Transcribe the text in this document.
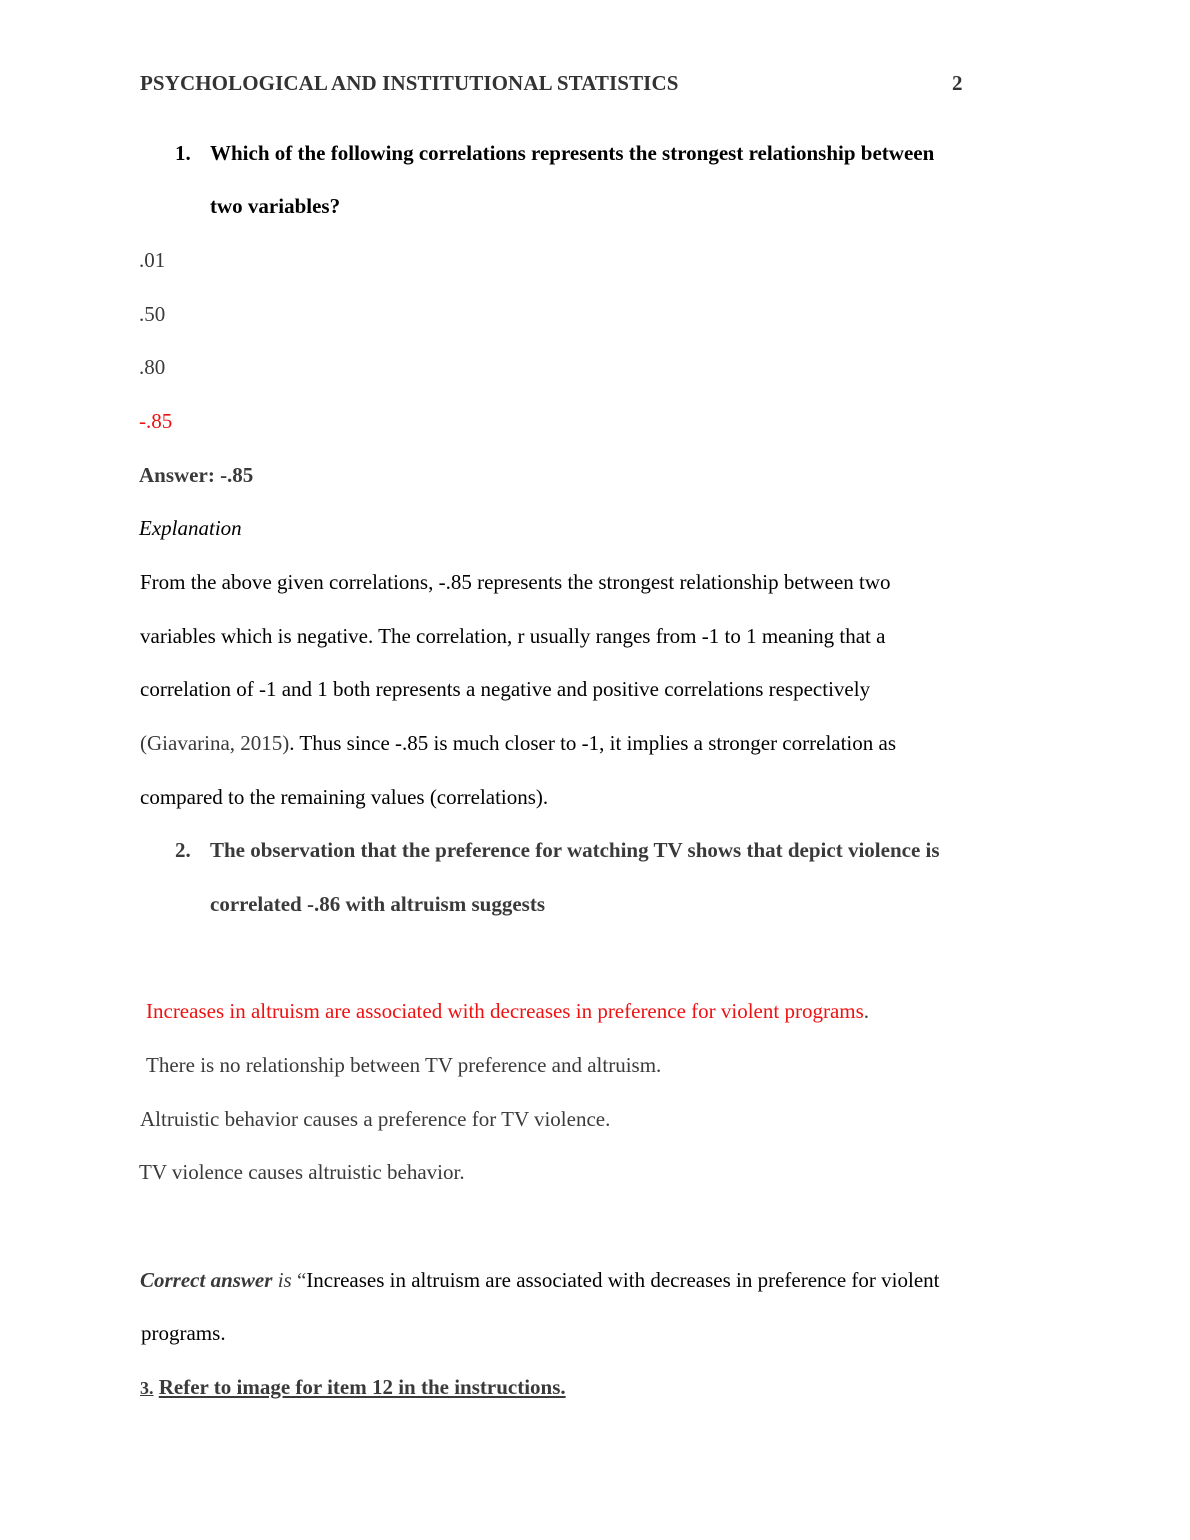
PSYCHOLOGICAL AND INSTITUTIONAL STATISTICS	2
1. Which of the following correlations represents the strongest relationship between
two variables?
.01
.50
.80
-.85
Answer: -.85
Explanation
From the above given correlations, -.85 represents the strongest relationship between two
variables which is negative. The correlation, r usually ranges from -1 to 1 meaning that a
correlation of -1 and 1 both represents a negative and positive correlations respectively
(Giavarina, 2015). Thus since -.85 is much closer to -1, it implies a stronger correlation as
compared to the remaining values (correlations).
2. The observation that the preference for watching TV shows that depict violence is
correlated -.86 with altruism suggests
Increases in altruism are associated with decreases in preference for violent programs.
There is no relationship between TV preference and altruism.
Altruistic behavior causes a preference for TV violence.
TV violence causes altruistic behavior.
Correct answer is “Increases in altruism are associated with decreases in preference for violent
programs.
3. Refer to image for item 12 in the instructions.
